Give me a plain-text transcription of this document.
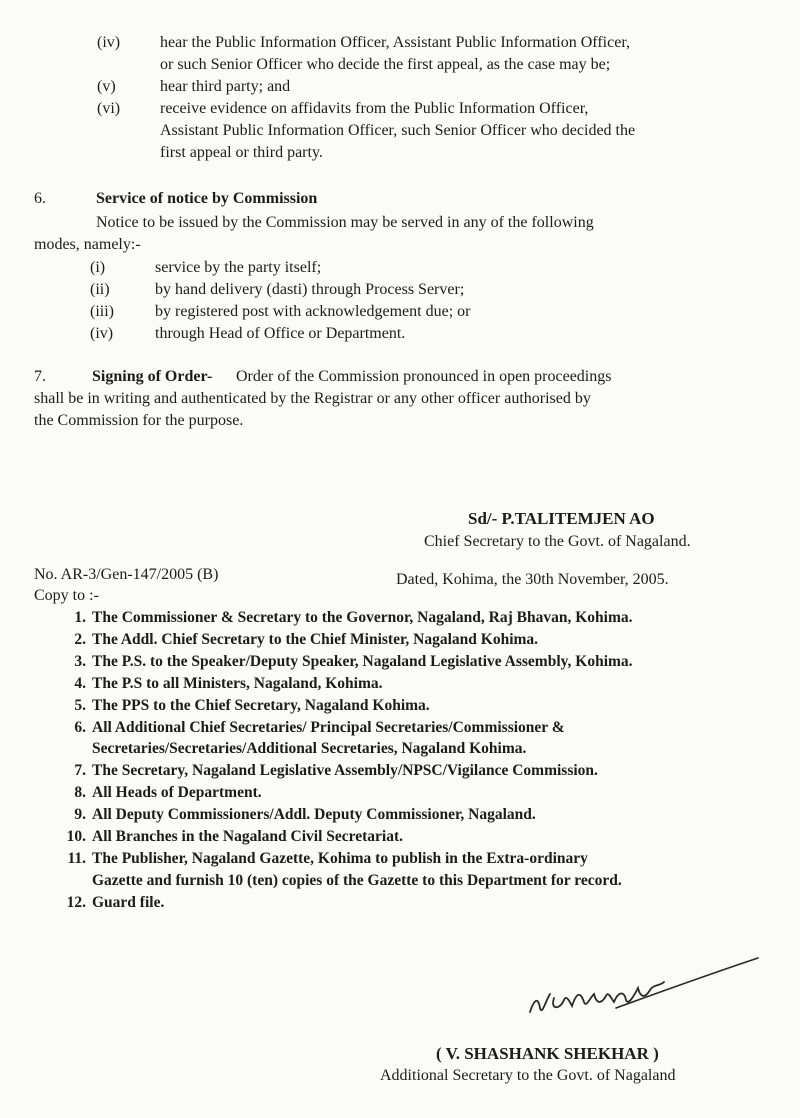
(iv) hear the Public Information Officer, Assistant Public Information Officer,
or such Senior Officer who decide the first appeal, as the case may be;
(v)	hear third party; and
(vi) receive evidence on affidavits from the Public Information Officer,
Assistant Public Information Officer, such Senior Officer who decided the
first appeal or third party.
6.	Service of notice by Commission
Notice to be issued by the Commission may be served in any of the following
modes, namely:-
(i)	service by the party itself;
(ii)	by hand delivery (dasti) through Process Server;
(iii)	by registered post with acknowledgement due; or
(iv)	through Head of Office or Department.
7.	Signing of Order- Order of the Commission pronounced in open proceedings
shall be in writing and authenticated by the Registrar or any other officer authorised by
the Commission for the purpose.
Sd/- P.TALITEMJEN AO
Chief Secretary to the Govt. of Nagaland.
No. AR-3/Gen-147/2005 (B)	Dated, Kohima, the 30th November, 2005.
Copy to :-
1. The Commissioner & Secretary to the Governor, Nagaland, Raj Bhavan, Kohima.
2. The Addl. Chief Secretary to the Chief Minister, Nagaland Kohima.
3. The P.S. to the Speaker/Deputy Speaker, Nagaland Legislative Assembly, Kohima.
4. The P.S to all Ministers, Nagaland, Kohima.
5. The PPS to the Chief Secretary, Nagaland Kohima.
6. All Additional Chief Secretaries/ Principal Secretaries/Commissioner &
Secretaries/Secretaries/Additional Secretaries, Nagaland Kohima.
7. The Secretary, Nagaland Legislative Assembly/NPSC/Vigilance Commission.
8. All Heads of Department.
9. All Deputy Commissioners/Addl. Deputy Commissioner, Nagaland.
10. All Branches in the Nagaland Civil Secretariat.
11. The Publisher, Nagaland Gazette, Kohima to publish in the Extra-ordinary
Gazette and furnish 10 (ten) copies of the Gazette to this Department for record.
12. Guard file.
( V. SHASHANK SHEKHAR )
Additional Secretary to the Govt. of Nagaland
